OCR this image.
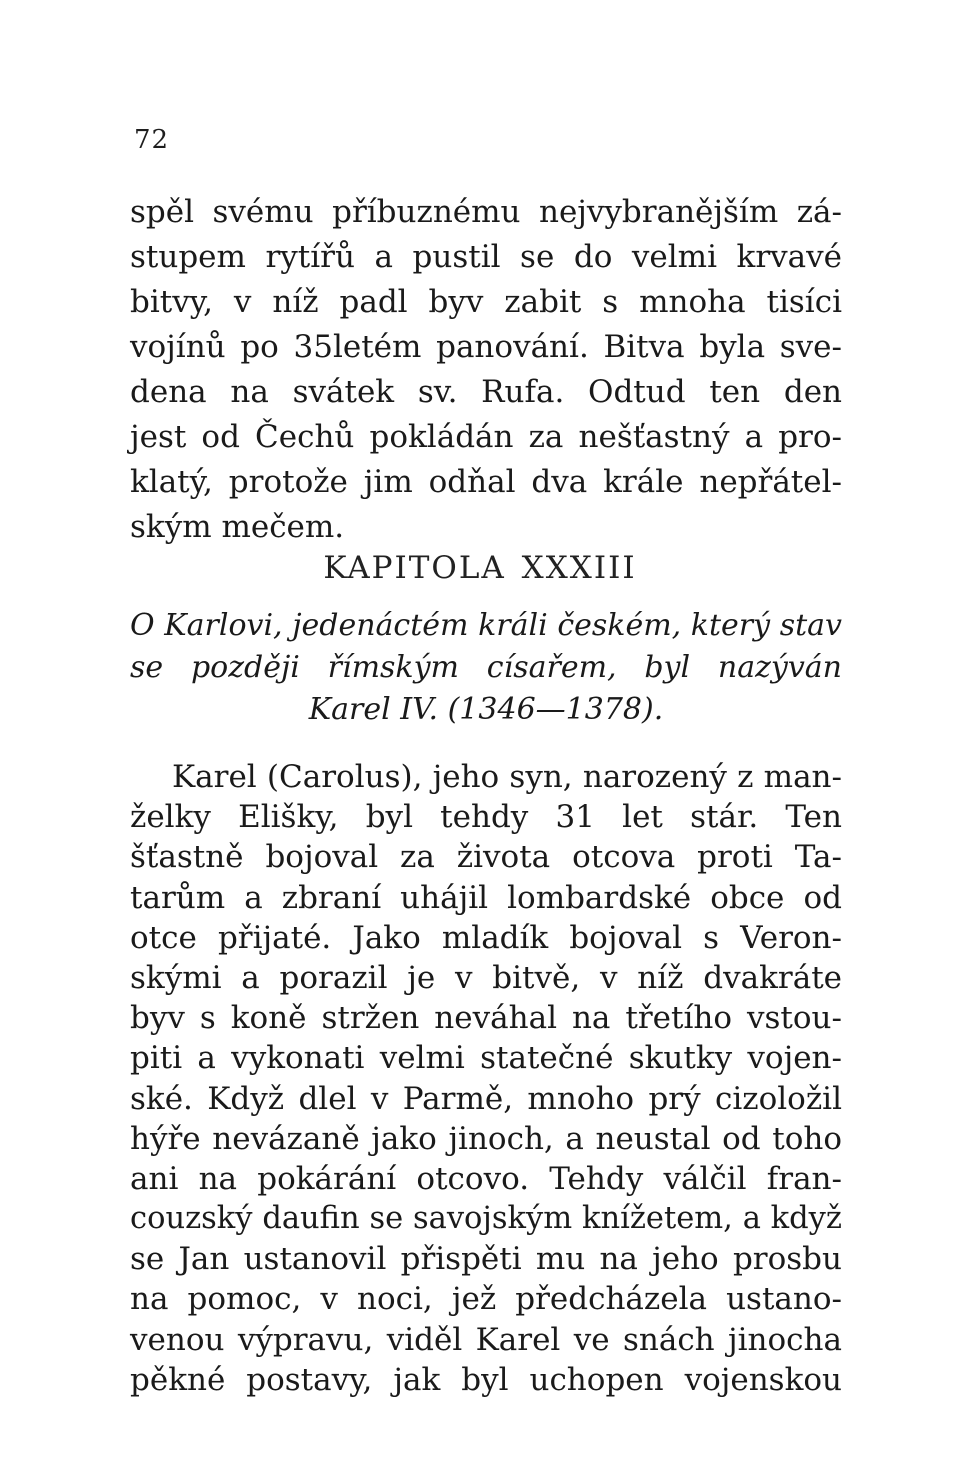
72
spěl svému příbuznému nejvybranějším zá-
stupem rytířů a pustil se do velmi krvavé
bitvy, v níž padl byv zabit s mnoha tisíci
vojínů po 35letém panování. Bitva byla sve-
dena na svátek sv. Rufa. Odtud ten den
jest od Čechů pokládán za nešťastný a pro-
klatý, protože jim odňal dva krále nepřátel-
ským mečem.
KAPITOLA XXXIII
O Karlovi, jedenáctém králi českém, který stav
se později římským císařem, byl nazýván
Karel IV. (1346—1378).
Karel (Carolus), jeho syn, narozený z man-
želky Elišky, byl tehdy 31 let stár. Ten
šťastně bojoval za života otcova proti Ta-
tarům a zbraní uhájil lombardské obce od
otce přijaté. Jako mladík bojoval s Veron-
skými a porazil je v bitvě, v níž dvakráte
byv s koně stržen neváhal na třetího vstou-
piti a vykonati velmi statečné skutky vojen-
ské. Když dlel v Parmě, mnoho prý cizoložil
hýře nevázaně jako jinoch, a neustal od toho
ani na pokárání otcovo. Tehdy válčil fran-
couzský daufin se savojským knížetem, a když
se Jan ustanovil přispěti mu na jeho prosbu
na pomoc, v noci, jež předcházela ustano-
venou výpravu, viděl Karel ve snách jinocha
pěkné postavy, jak byl uchopen vojenskou
